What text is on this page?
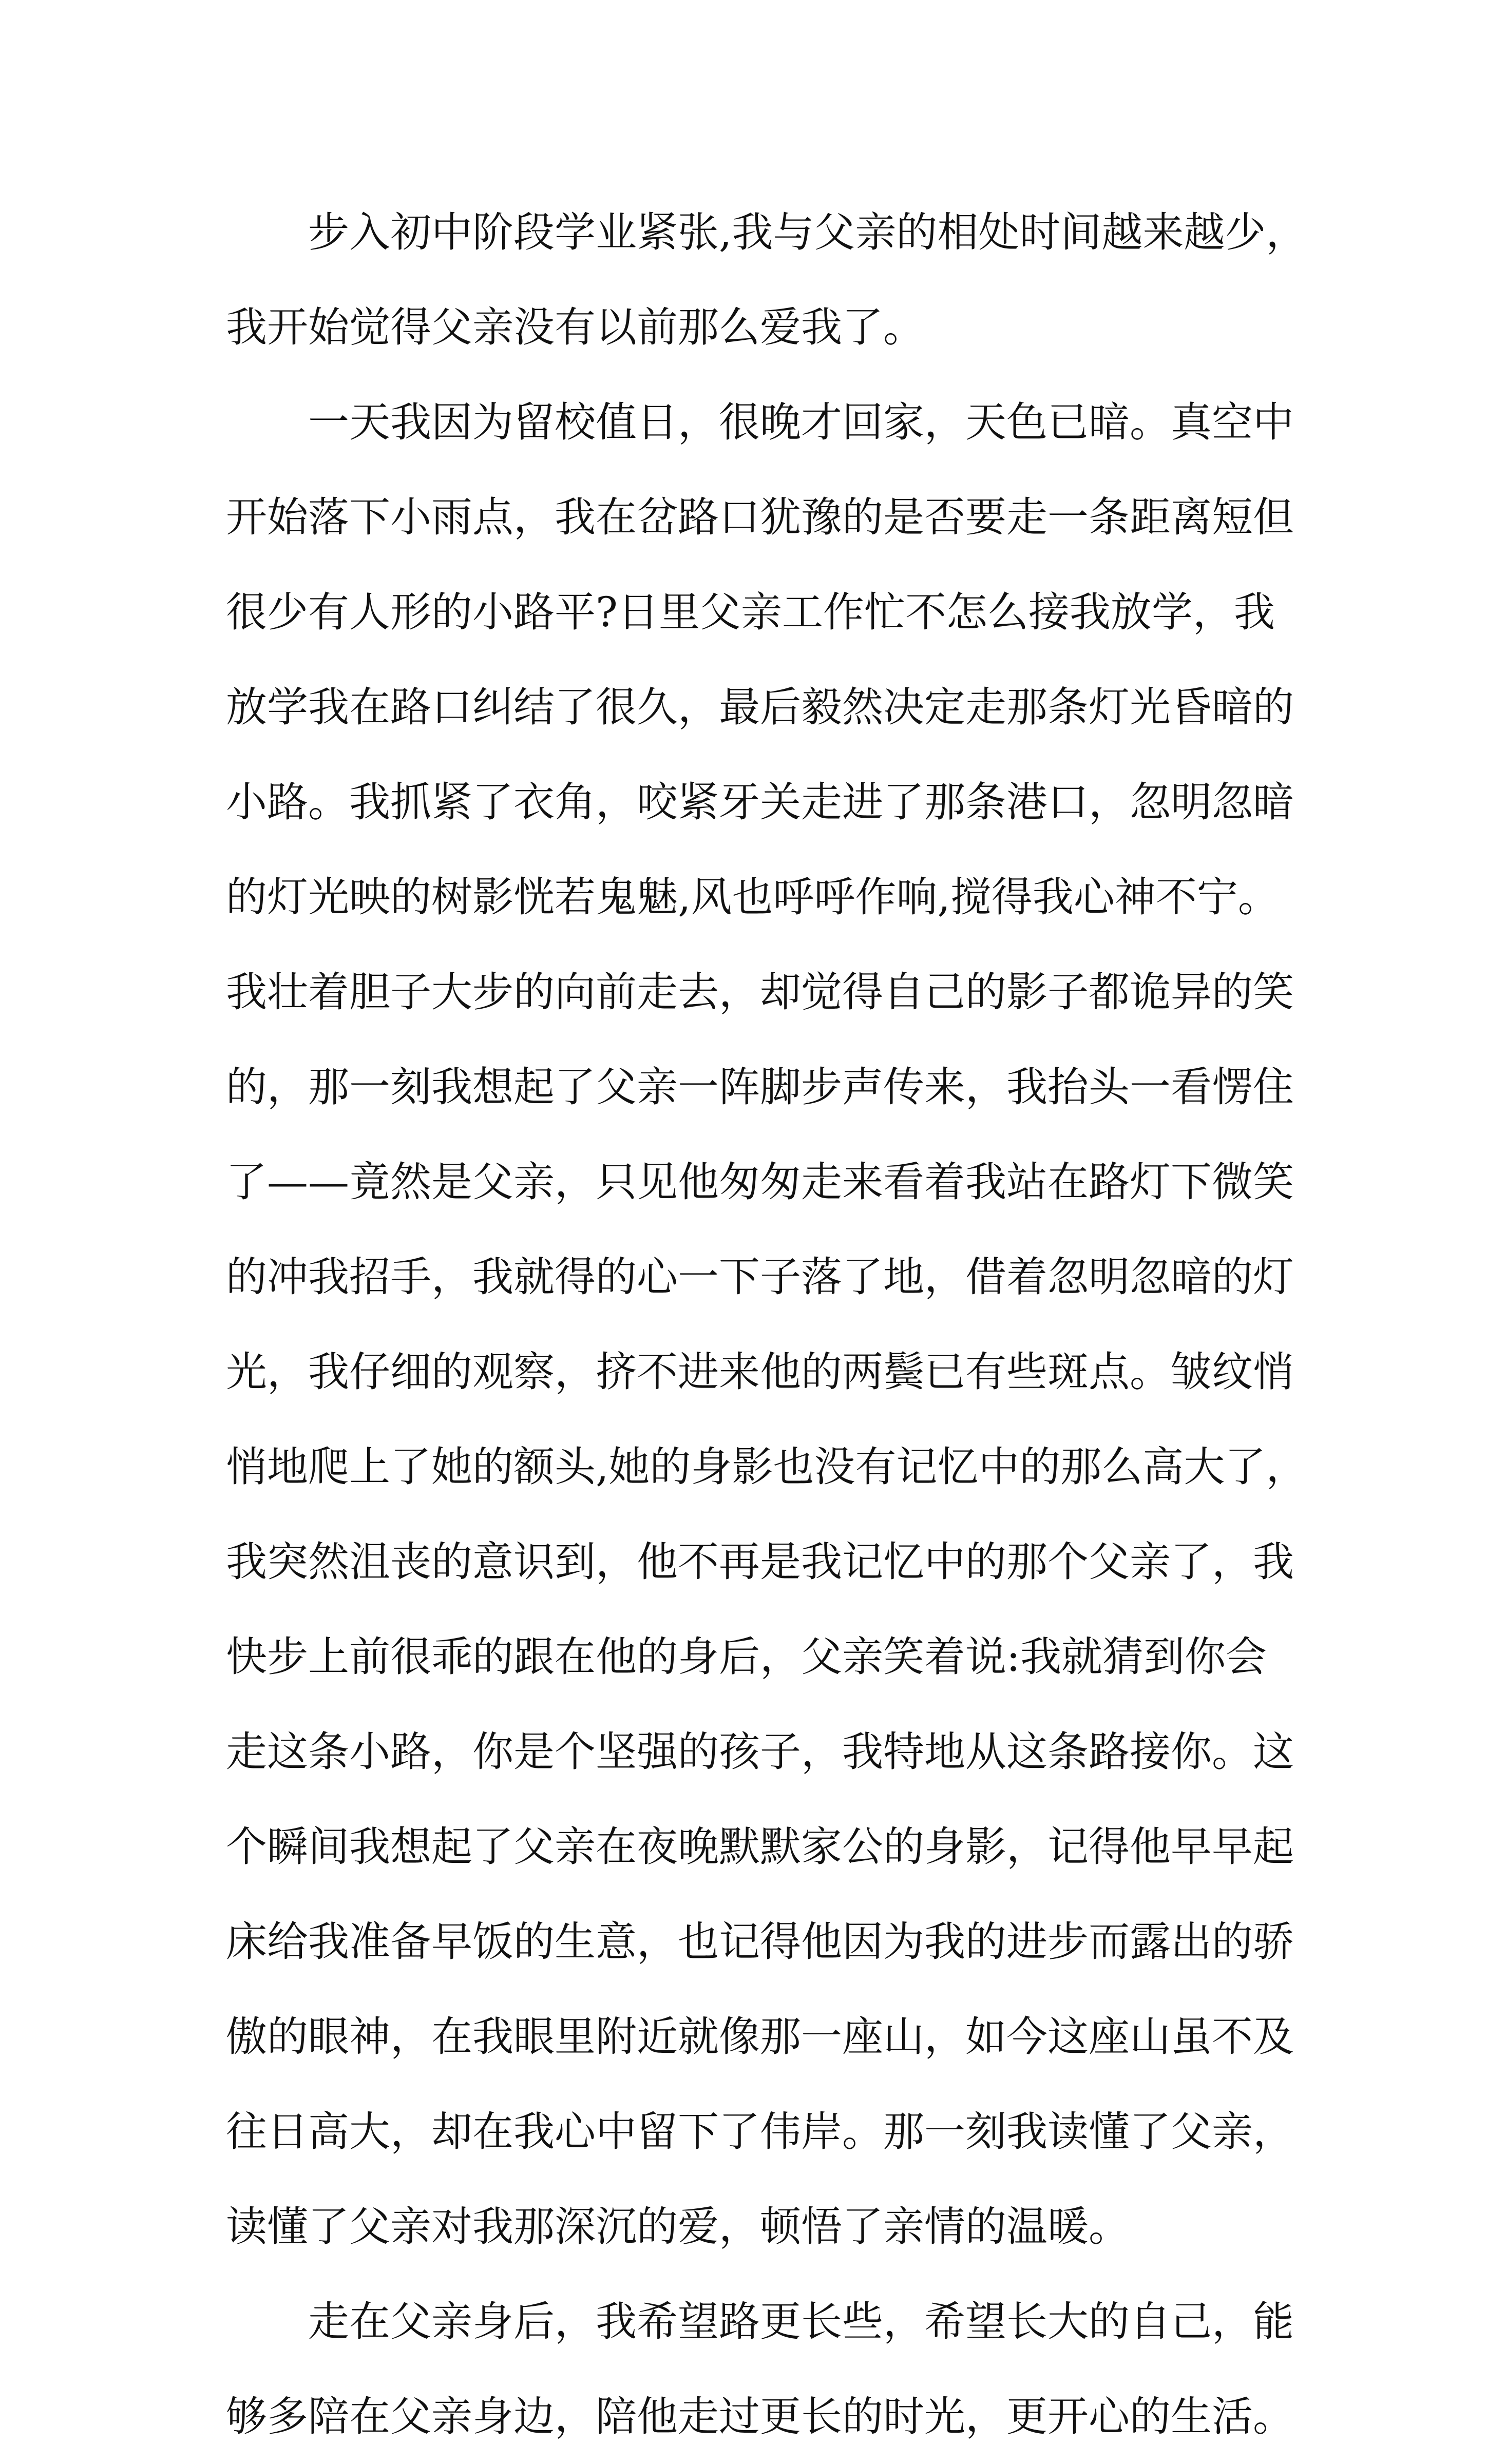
步入初中阶段学业紧张,我与父亲的相处时间越来越少，
我开始觉得父亲没有以前那么爱我了。
一天我因为留校值日，很晚才回家，天色已暗。真空中
开始落下小雨点，我在岔路口犹豫的是否要走一条距离短但
很少有人形的小路平?日里父亲工作忙不怎么接我放学，我
放学我在路口纠结了很久，最后毅然决定走那条灯光昏暗的
小路。我抓紧了衣角，咬紧牙关走进了那条港口，忽明忽暗
的灯光映的树影恍若鬼魅,风也呼呼作响,搅得我心神不宁。
我壮着胆子大步的向前走去，却觉得自己的影子都诡异的笑
的，那一刻我想起了父亲一阵脚步声传来，我抬头一看愣住
了——竟然是父亲，只见他匆匆走来看着我站在路灯下微笑
的冲我招手，我就得的心一下子落了地，借着忽明忽暗的灯
光，我仔细的观察，挤不进来他的两鬓已有些斑点。皱纹悄
悄地爬上了她的额头,她的身影也没有记忆中的那么高大了，
我突然沮丧的意识到，他不再是我记忆中的那个父亲了，我
快步上前很乖的跟在他的身后，父亲笑着说:我就猜到你会
走这条小路，你是个坚强的孩子，我特地从这条路接你。这
个瞬间我想起了父亲在夜晚默默家公的身影，记得他早早起
床给我准备早饭的生意，也记得他因为我的进步而露出的骄
傲的眼神，在我眼里附近就像那一座山，如今这座山虽不及
往日高大，却在我心中留下了伟岸。那一刻我读懂了父亲，
读懂了父亲对我那深沉的爱，顿悟了亲情的温暖。
走在父亲身后，我希望路更长些，希望长大的自己，能
够多陪在父亲身边，陪他走过更长的时光，更开心的生活。
